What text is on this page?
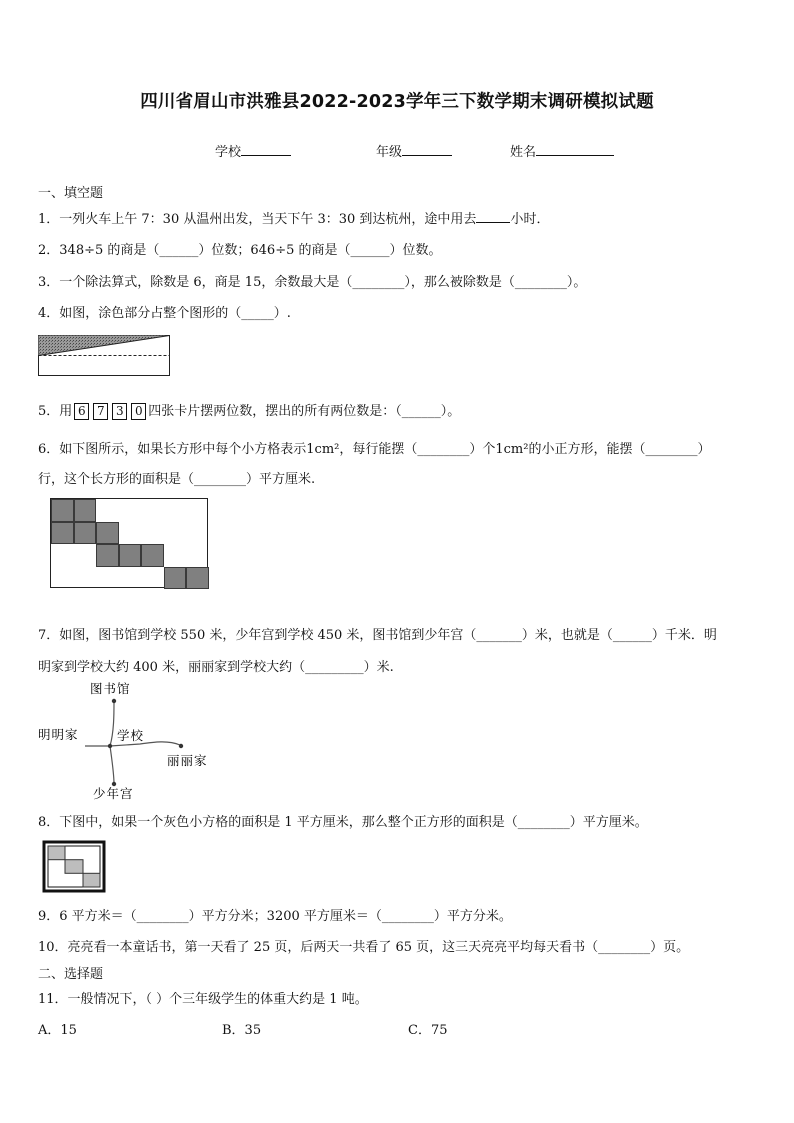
四川省眉山市洪雅县2022-2023学年三下数学期末调研模拟试题
学校	年级	姓名
一、填空题
1．一列火车上午 7：30 从温州出发，当天下午 3：30 到达杭州，途中用去	小时．
2．348÷5 的商是（______）位数；646÷5 的商是（______）位数。
3．一个除法算式，除数是 6，商是 15，余数最大是（________），那么被除数是（________）。
4．如图，涂色部分占整个图形的（_____）.
5．用 6 7 3 0 四张卡片摆两位数，摆出的所有两位数是：（______）。
6．如下图所示，如果长方形中每个小方格表示1cm²，每行能摆（________）个1cm²的小正方形，能摆（________）
行，这个长方形的面积是（________）平方厘米.
7．如图，图书馆到学校 550 米，少年宫到学校 450 米，图书馆到少年宫（_______）米，也就是（______）千米．明
明家到学校大约 400 米，丽丽家到学校大约（_________）米.
图书馆
明明家	学校
丽丽家
少年宫
8．下图中，如果一个灰色小方格的面积是 1 平方厘米，那么整个正方形的面积是（________）平方厘米。
9．6 平方米＝（________）平方分米；3200 平方厘米＝（________）平方分米。
10．亮亮看一本童话书，第一天看了 25 页，后两天一共看了 65 页，这三天亮亮平均每天看书（________）页。
二、选择题
11．一般情况下，（ ）个三年级学生的体重大约是 1 吨。
A．15	B．35	C．75
